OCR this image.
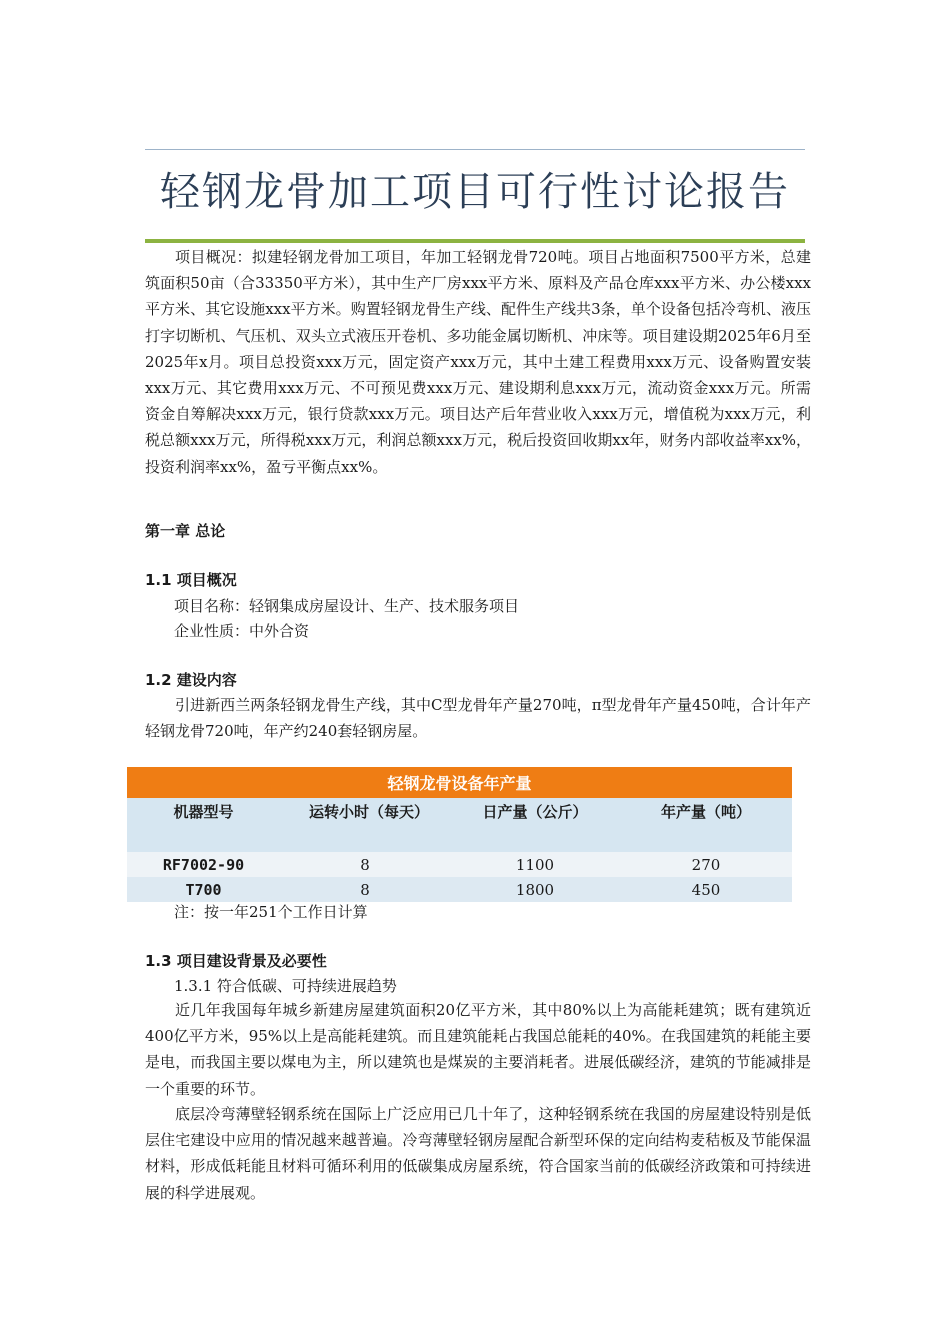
轻钢龙骨加工项目可行性讨论报告

项目概况：拟建轻钢龙骨加工项目，年加工轻钢龙骨720吨。项目占地面积7500平方米，总建筑面积50亩（合33350平方米），其中生产厂房xxx平方米、原料及产品仓库xxx平方米、办公楼xxx平方米、其它设施xxx平方米。购置轻钢龙骨生产线、配件生产线共3条，单个设备包括冷弯机、液压打字切断机、气压机、双头立式液压开卷机、多功能金属切断机、冲床等。项目建设期2025年6月至2025年x月。项目总投资xxx万元，固定资产xxx万元，其中土建工程费用xxx万元、设备购置安装xxx万元、其它费用xxx万元、不可预见费xxx万元、建设期利息xxx万元，流动资金xxx万元。所需资金自筹解决xxx万元，银行贷款xxx万元。项目达产后年营业收入xxx万元，增值税为xxx万元，利税总额xxx万元，所得税xxx万元，利润总额xxx万元，税后投资回收期xx年，财务内部收益率xx%，投资利润率xx%，盈亏平衡点xx%。

第一章 总论
1.1 项目概况

项目名称：轻钢集成房屋设计、生产、技术服务项目

企业性质：中外合资

1.2 建设内容

引进新西兰两条轻钢龙骨生产线，其中C型龙骨年产量270吨，π型龙骨年产量450吨，合计年产轻钢龙骨720吨，年产约240套轻钢房屋。

轻钢龙骨设备年产量			
机器型号	运转小时（每天）	日产量（公斤）	年产量（吨）
RF7002-90	8	1100	270
T700	8	1800	450

注：按一年251个工作日计算

1.3 项目建设背景及必要性

1.3.1 符合低碳、可持续进展趋势

近几年我国每年城乡新建房屋建筑面积20亿平方米，其中80%以上为高能耗建筑；既有建筑近400亿平方米，95%以上是高能耗建筑。而且建筑能耗占我国总能耗的40%。在我国建筑的耗能主要是电，而我国主要以煤电为主，所以建筑也是煤炭的主要消耗者。进展低碳经济，建筑的节能减排是一个重要的环节。

底层冷弯薄壁轻钢系统在国际上广泛应用已几十年了，这种轻钢系统在我国的房屋建设特别是低层住宅建设中应用的情况越来越普遍。冷弯薄壁轻钢房屋配合新型环保的定向结构麦秸板及节能保温材料，形成低耗能且材料可循环利用的低碳集成房屋系统，符合国家当前的低碳经济政策和可持续进展的科学进展观。
